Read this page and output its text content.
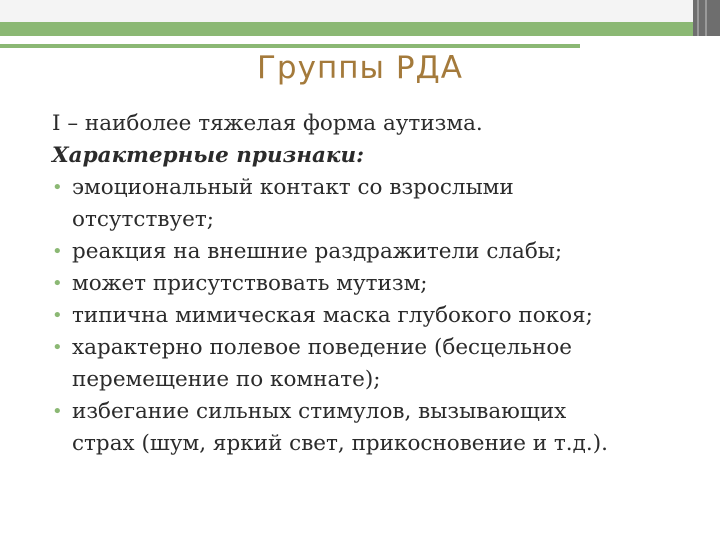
Группы РДА
I – наиболее тяжелая форма аутизма.
Характерные признаки:
• эмоциональный контакт со взрослыми
отсутствует;
• реакция на внешние раздражители слабы;
• может присутствовать мутизм;
• типична мимическая маска глубокого покоя;
• характерно полевое поведение (бесцельное
перемещение по комнате);
• избегание сильных стимулов, вызывающих
страх (шум, яркий свет, прикосновение и т.д.).
